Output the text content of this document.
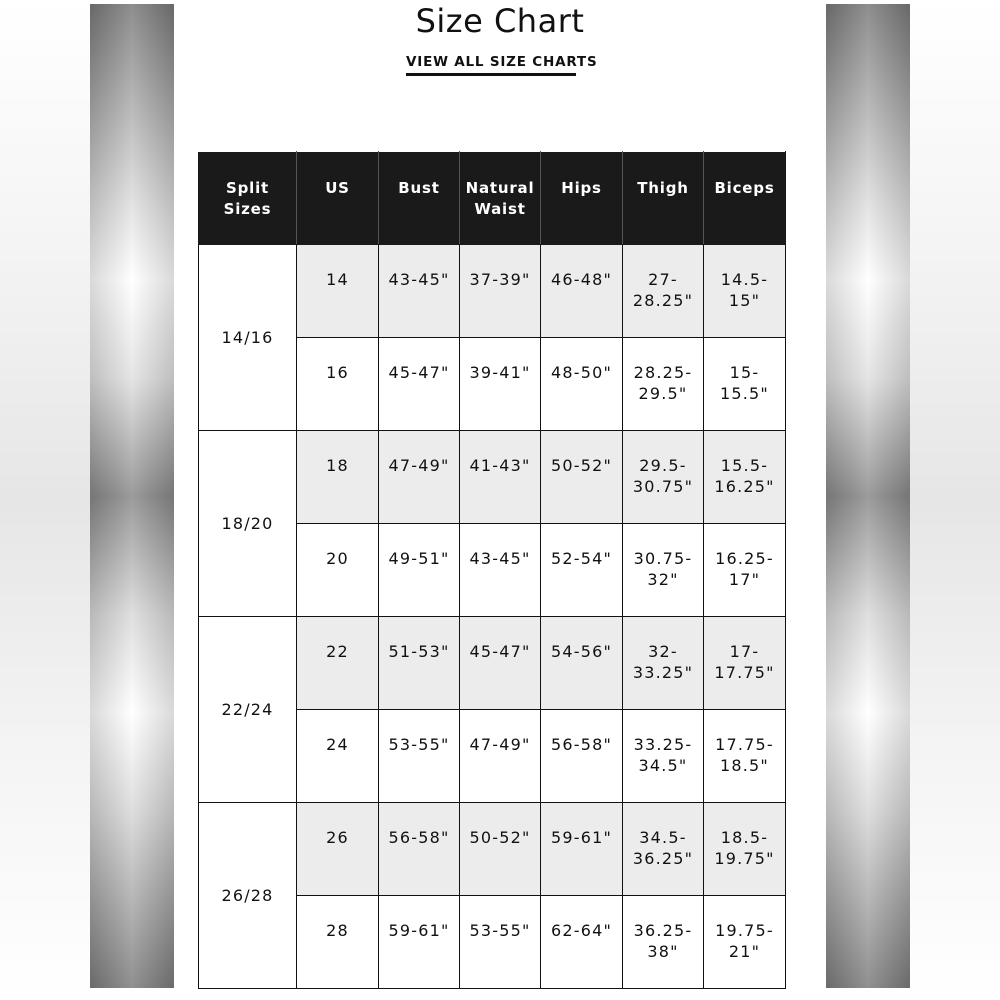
Size Chart
VIEW ALL SIZE CHARTS
Split Sizes	US	Bust	Natural Waist	Hips	Thigh	Biceps
14/16	14	43-45"	37-39"	46-48"	27-28.25"	14.5-15"
	16	45-47"	39-41"	48-50"	28.25-29.5"	15-15.5"
18/20	18	47-49"	41-43"	50-52"	29.5-30.75"	15.5-16.25"
	20	49-51"	43-45"	52-54"	30.75-32"	16.25-17"
22/24	22	51-53"	45-47"	54-56"	32-33.25"	17-17.75"
	24	53-55"	47-49"	56-58"	33.25-34.5"	17.75-18.5"
26/28	26	56-58"	50-52"	59-61"	34.5-36.25"	18.5-19.75"
	28	59-61"	53-55"	62-64"	36.25-38"	19.75-21"
